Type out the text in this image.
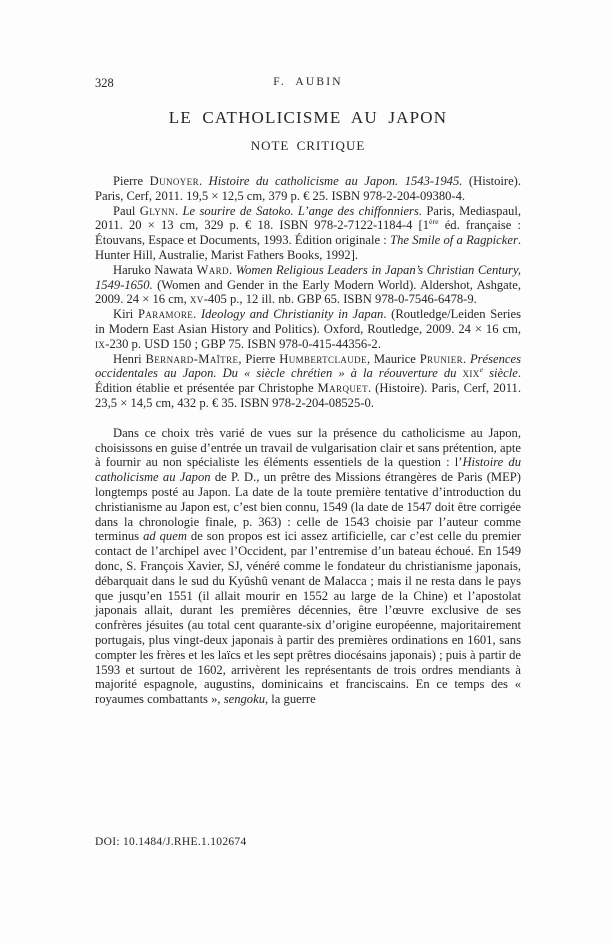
328	F. AUBIN
LE CATHOLICISME AU JAPON
NOTE CRITIQUE

Pierre Dunoyer. Histoire du catholicisme au Japon. 1543-1945. (Histoire). Paris, Cerf, 2011. 19,5 × 12,5 cm, 379 p. € 25. ISBN 978-2-204-09380-4.

Paul Glynn. Le sourire de Satoko. L’ange des chiffonniers. Paris, Mediaspaul, 2011. 20 × 13 cm, 329 p. € 18. ISBN 978-2-7122-1184-4 [1ère éd. française : Étouvans, Espace et Documents, 1993. Édition originale : The Smile of a Ragpicker. Hunter Hill, Australie, Marist Fathers Books, 1992].

Haruko Nawata Ward. Women Religious Leaders in Japan’s Christian Century, 1549-1650. (Women and Gender in the Early Modern World). Aldershot, Ashgate, 2009. 24 × 16 cm, xv-405 p., 12 ill. nb. GBP 65. ISBN 978-0-7546-6478-9.

Kiri Paramore. Ideology and Christianity in Japan. (Routledge/Leiden Series in Modern East Asian History and Politics). Oxford, Routledge, 2009. 24 × 16 cm, ix-230 p. USD 150 ; GBP 75. ISBN 978-0-415-44356-2.

Henri Bernard-Maître, Pierre Humbertclaude, Maurice Prunier. Présences occidentales au Japon. Du « siècle chrétien » à la réouverture du xix$^e$ siècle. Édition établie et présentée par Christophe Marquet. (Histoire). Paris, Cerf, 2011. 23,5 × 14,5 cm, 432 p. € 35. ISBN 978-2-204-08525-0.

Dans ce choix très varié de vues sur la présence du catholicisme au Japon, choisissons en guise d’entrée un travail de vulgarisation clair et sans prétention, apte à fournir au non spécialiste les éléments essentiels de la question : l’Histoire du catholicisme au Japon de P. D., un prêtre des Missions étrangères de Paris (MEP) longtemps posté au Japon. La date de la toute première tentative d’introduction du christianisme au Japon est, c’est bien connu, 1549 (la date de 1547 doit être corrigée dans la chronologie finale, p. 363) : celle de 1543 choisie par l’auteur comme terminus ad quem de son propos est ici assez artificielle, car c’est celle du premier contact de l’archipel avec l’Occident, par l’entremise d’un bateau échoué. En 1549 donc, S. François Xavier, SJ, vénéré comme le fondateur du christianisme japonais, débarquait dans le sud du Kyûshû venant de Malacca ; mais il ne resta dans le pays que jusqu’en 1551 (il allait mourir en 1552 au large de la Chine) et l’apostolat japonais allait, durant les premières décennies, être l’œuvre exclusive de ses confrères jésuites (au total cent quarante-six d’origine européenne, majoritairement portugais, plus vingt-deux japonais à partir des premières ordinations en 1601, sans compter les frères et les laïcs et les sept prêtres diocésains japonais) ; puis à partir de 1593 et surtout de 1602, arrivèrent les représentants de trois ordres mendiants à majorité espagnole, augustins, dominicains et franciscains. En ce temps des « royaumes combattants », sengoku, la guerre

DOI: 10.1484/J.RHE.1.102674
